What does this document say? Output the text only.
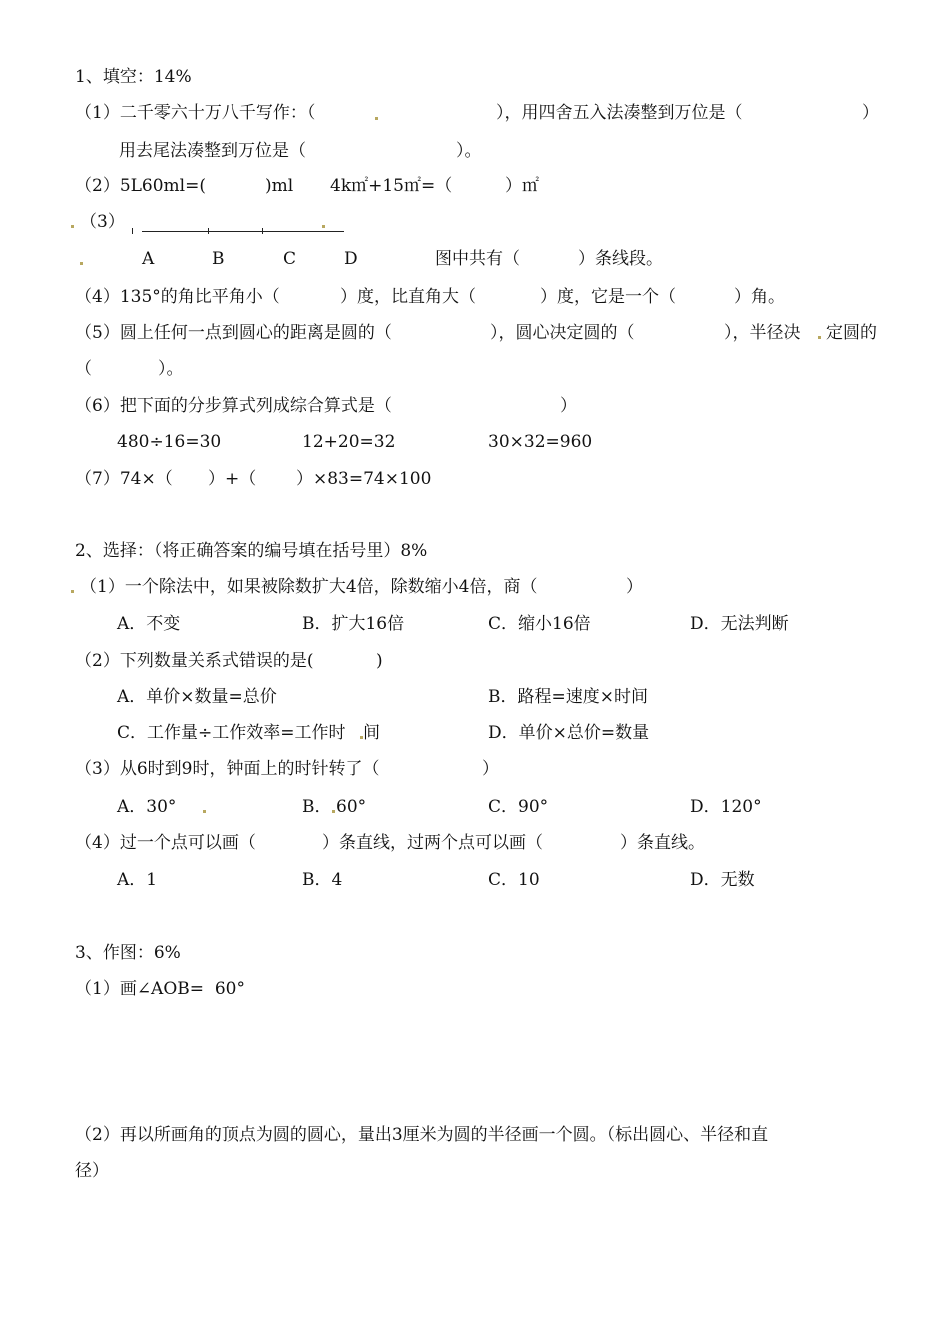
1、填空：14%
（1）二千零六十万八千写作：（	），用四舍五入法凑整到万位是（	）
用去尾法凑整到万位是（	）。
（2）5L60ml=(	)ml 4k㎡+15㎡=（	）㎡
（3）
A	B	C	D	图中共有（	）条线段。
（4）135°的角比平角小（	）度，比直角大（	）度，它是一个（	）角。
（5）圆上任何一点到圆心的距离是圆的（	），圆心决定圆的（	），半径决 定圆的
（	）。
（6）把下面的分步算式列成综合算式是（	）
480÷16=30	12+20=32	30×32=960
（7）74×（ ）+（ ）×83=74×100
2、选择：（将正确答案的编号填在括号里）8%
（1）一个除法中，如果被除数扩大4倍，除数缩小4倍，商（	）
A．不变	B．扩大16倍	C．缩小16倍	D．无法判断
（2）下列数量关系式错误的是(	)
A．单价×数量=总价	B．路程=速度×时间
C．工作量÷工作效率=工作时 间	D．单价×总价=数量
（3）从6时到9时，钟面上的时针转了（	）
A．30°	B． 60°	C．90°	D．120°
（4）过一个点可以画（	）条直线，过两个点可以画（	）条直线。
A．1	B．4	C．10	D．无数
3、作图：6%
（1）画∠AOB=  60°
（2）再以所画角的顶点为圆的圆心，量出3厘米为圆的半径画一个圆。（标出圆心、半径和直
径）
